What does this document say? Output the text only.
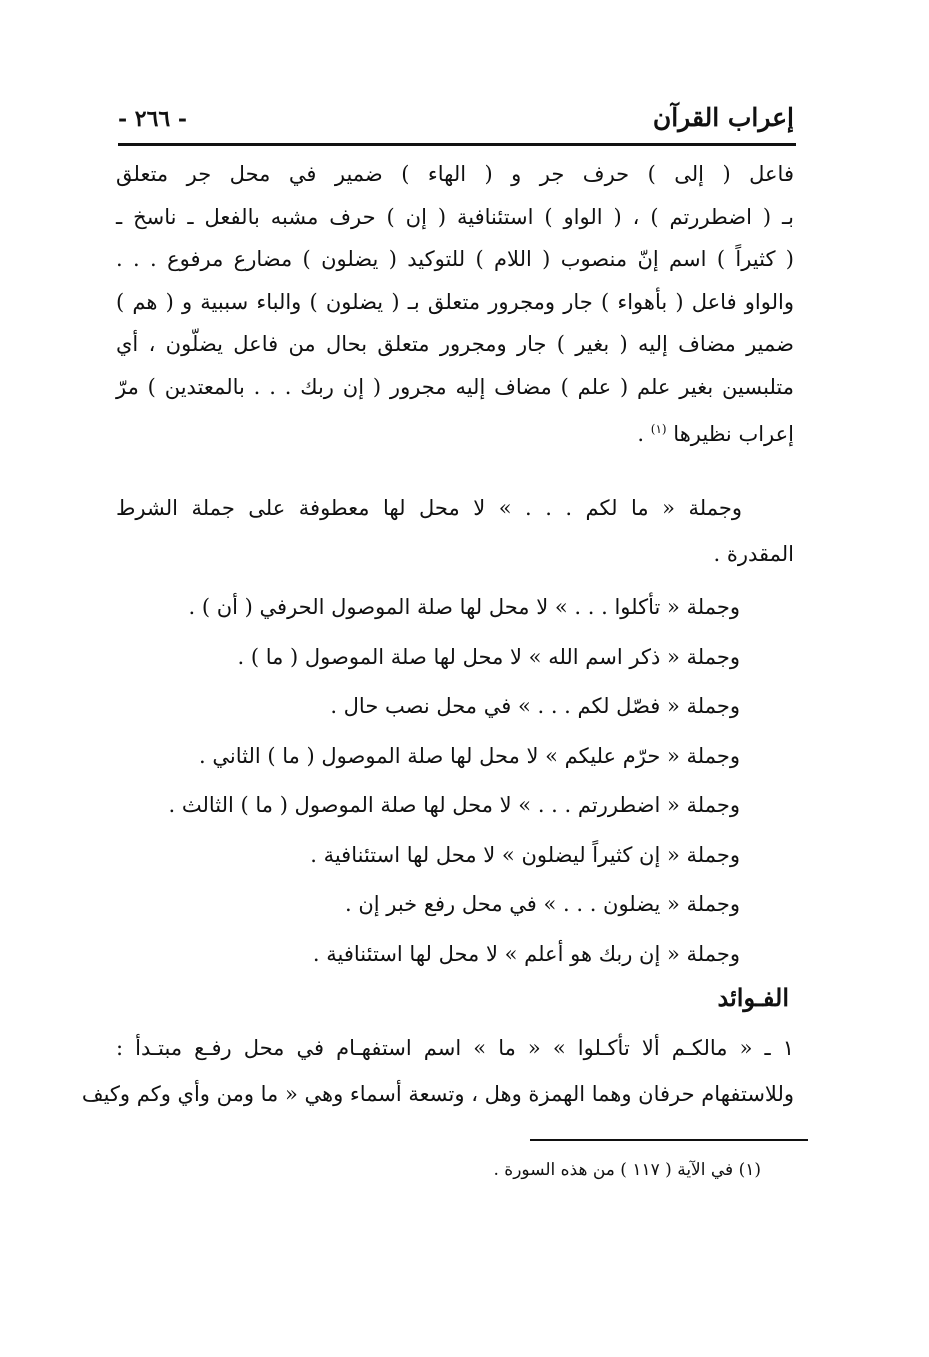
- ٢٦٦ -	إعراب القرآن
فاعل ( إلى ) حرف جر و ( الهاء ) ضمير في محل جر متعلق
بـ ( اضطررتم ) ، ( الواو ) استئنافية ( إن ) حرف مشبه بالفعل ـ ناسخ ـ
( كثيراً ) اسم إنّ منصوب ( اللام ) للتوكيد ( يضلون ) مضارع مرفوع . . .
والواو فاعل ( بأهواء ) جار ومجرور متعلق بـ ( يضلون ) والباء سببية و ( هم )
ضمير مضاف إليه ( بغير ) جار ومجرور متعلق بحال من فاعل يضلّون ، أي
متلبسين بغير علم ( علم ) مضاف إليه مجرور ( إن ربك . . . بالمعتدين ) مرّ
إعراب نظيرها $^{(١)}$ .
وجملة « ما لكم . . . » لا محل لها معطوفة على جملة الشرط
المقدرة .
وجملة « تأكلوا . . . » لا محل لها صلة الموصول الحرفي ( أن ) .
وجملة « ذكر اسم الله » لا محل لها صلة الموصول ( ما ) .
وجملة « فصّل لكم . . . » في محل نصب حال .
وجملة « حرّم عليكم » لا محل لها صلة الموصول ( ما ) الثاني .
وجملة « اضطررتم . . . » لا محل لها صلة الموصول ( ما ) الثالث .
وجملة « إن كثيراً ليضلون » لا محل لها استئنافية .
وجملة « يضلون . . . » في محل رفع خبر إن .
وجملة « إن ربك هو أعلم » لا محل لها استئنافية .
الفـوائد
١ ـ « مالكـم ألا تأكـلوا » « ما » اسم استفهـام في محل رفـع مبتـدأ :
وللاستفهام حرفان وهما الهمزة وهل ، وتسعة أسماء وهي « ما ومن وأي وكم وكيف
(١) في الآية ( ١١٧ ) من هذه السورة .
